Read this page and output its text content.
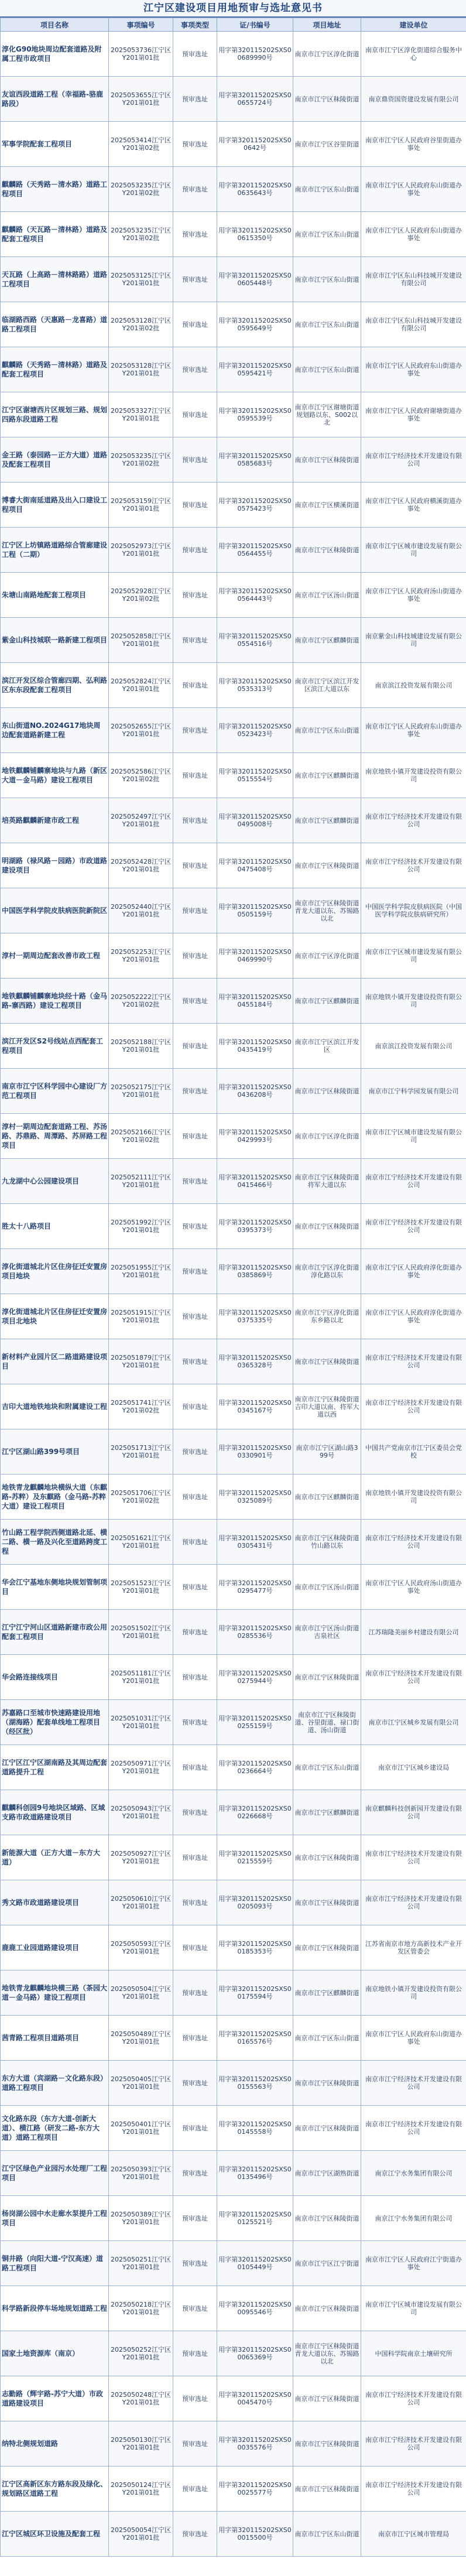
江宁区建设项目用地预审与选址意见书
项目名称	事项编号	事项类型	证/书编号	项目地址	建设单位
淳化G90地块周边配套道路及附属工程市政项目	2025053736江宁区Y201第01批	预审选址	用字第320115202SXS00689990号	南京市江宁区淳化街道	南京市江宁区淳化街道综合服务中心
友谊西段道路工程（幸福路-骆鹿路段）	2025053655江宁区Y201第01批	预审选址	用字第320115202SXS00655724号	南京市江宁区秣陵街道	南京鼎资国资建设发展有限公司
军事学院配套工程项目	2025053414江宁区Y201第02批	预审选址	用字第320115202SXS00642号	南京市江宁区谷里街道	南京市江宁区人民政府谷里街道办事处
麒麟路（天秀路－清水路）道路工程项目	2025053235江宁区Y201第02批	预审选址	用字第320115202SXS00635643号	南京市江宁区东山街道	南京市江宁区人民政府东山街道办事处
麒麟路（天瓦路－清林路）道路及配套工程项目	2025053235江宁区Y201第02批	预审选址	用字第320115202SXS00615350号	南京市江宁区东山街道	南京市江宁区人民政府东山街道办事处
天瓦路（上高路－清林路路）道路工程项目	2025053125江宁区Y201第01批	预审选址	用字第320115202SXS00605448号	南京市江宁区东山街道	南京市江宁区东山科技城开发建设有限公司
临湖路西路（天惠路－龙喜路）道路工程项目	2025053128江宁区Y201第02批	预审选址	用字第320115202SXS00595649号	南京市江宁区东山街道	南京市江宁区东山科技城开发建设有限公司
麒麟路（天秀路－清林路）道路及配套工程项目	2025053128江宁区Y201第01批	预审选址	用字第320115202SXS00595421号	南京市江宁区东山街道	南京市江宁区人民政府东山街道办事处
江宁区谢塘西片区规划三路、规划四路东段道路工程	2025053327江宁区Y201第01批	预审选址	用字第320115202SXS00595539号	南京市江宁区谢塘街道规划路以东、S002以北	南京市江宁区人民政府谢塘街道办事处
金王路（泰园路－正方大道）道路及配套工程项目	2025053235江宁区Y201第02批	预审选址	用字第320115202SXS00585683号	南京市江宁区秣陵街道	南京市江宁经济技术开发建设有限公司
博睿大街南延道路及出入口建设工程项目	2025053159江宁区Y201第01批	预审选址	用字第320115202SXS00575423号	南京市江宁区横溪街道	南京市江宁区人民政府横溪街道办事处
江宁区上坊镇路道路综合管廊建设工程（二期）	2025052973江宁区Y201第01批	预审选址	用字第320115202SXS00564455号	南京市江宁区秣陵街道	南京市江宁区城市建设发展有限公司
朱塘山南路地配套工程项目	2025052928江宁区Y201第02批	预审选址	用字第320115202SXS00564443号	南京市江宁区汤山街道	南京市江宁区人民政府汤山街道办事处
紫金山科技城联一路新建工程项目	2025052858江宁区Y201第01批	预审选址	用字第320115202SXS00554516号	南京市江宁区麒麟街道	南京紫金山科技城建设发展有限公司
滨江开发区综合管廊四期、弘利路区东东段配套工程项目	2025052824江宁区Y201第01批	预审选址	用字第320115202SXS00535313号	南京市江宁区滨江开发区滨江大道以东	南京滨江投资发展有限公司
东山街道NO.2024G17地块周边配套道路新建工程	2025052655江宁区Y201第01批	预审选址	用字第320115202SXS00523423号	南京市江宁区东山街道	南京市江宁区人民政府东山街道办事处
地铁麒麟铺麟寨地块与九路（新区大道－金马路）建设工程项目	2025052586江宁区Y201第02批	预审选址	用字第320115202SXS00515554号	南京市江宁区麒麟街道	南京地铁小镇开发建设投资有限公司
培英路麒麟新建市政工程	2025052497江宁区Y201第01批	预审选址	用字第320115202SXS00495008号	南京市江宁区麒麟街道	南京市江宁经济技术开发建设有限公司
明湖路（禄风路－园路）市政道路建设项目	2025052428江宁区Y201第01批	预审选址	用字第320115202SXS00475408号	南京市江宁区秣陵街道	南京市江宁经济技术开发建设有限公司
中国医学科学院皮肤病医院新院区	2025052440江宁区Y201第01批	预审选址	用字第320115202SXS00505159号	南京市江宁区秣陵街道青龙大道以东、苏锡路以北	中国医学科学院皮肤病医院（中国医学科学院皮肤病研究所）
淳村一期周边配套改善市政工程	2025052253江宁区Y201第01批	预审选址	用字第320115202SXS00469990号	南京市江宁区淳化街道	南京市江宁区城市建设发展有限公司
地铁麒麟铺麟寨地块经十路（金马路-寨西路）建设工程项目	2025052222江宁区Y201第02批	预审选址	用字第320115202SXS00455184号	南京市江宁区麒麟街道	南京地铁小镇开发建设投资有限公司
滨江开发区S2号线站点西配套工程项目	2025052188江宁区Y201第01批	预审选址	用字第320115202SXS00435419号	南京市江宁区滨江开发区	南京滨江投资发展有限公司
南京市江宁区科学园中心建设厂方范工程项目	2025052175江宁区Y201第01批	预审选址	用字第320115202SXS00436208号	南京市江宁区秣陵街道	南京市江宁科学园发展有限公司
淳村一期周边配套道路工程、苏汤路、苏鼎路、周潭路、苏屏路工程项目	2025052166江宁区Y201第02批	预审选址	用字第320115202SXS00429993号	南京市江宁区淳化街道	南京市江宁区城市建设发展有限公司
九龙湖中心公园建设项目	2025052111江宁区Y201第01批	预审选址	用字第320115202SXS00415466号	南京市江宁区秣陵街道将军大道以东	南京市江宁经济技术开发建设有限公司
胜太十八路项目	2025051992江宁区Y201第01批	预审选址	用字第320115202SXS00395373号	南京市江宁区秣陵街道	南京市江宁经济技术开发建设有限公司
淳化街道城北片区住房征迁安置房项目地块	2025051955江宁区Y201第01批	预审选址	用字第320115202SXS00385869号	南京市江宁区淳化街道淳化路以东	南京市江宁区人民政府淳化街道办事处
淳化街道城北片区住房征迁安置房项目北地块	2025051915江宁区Y201第01批	预审选址	用字第320115202SXS00375335号	南京市江宁区淳化街道东乡路以北	南京市江宁区人民政府淳化街道办事处
新材料产业园片区二路道路建设项目	2025051879江宁区Y201第01批	预审选址	用字第320115202SXS00365328号	南京市江宁区秣陵街道	南京市江宁经济技术开发建设有限公司
吉印大道地铁地块和附属建设工程	2025051741江宁区Y201第02批	预审选址	用字第320115202SXS00345167号	南京市江宁区秣陵街道吉印大道以南、将军大道以西	南京市江宁经济技术开发建设有限公司
江宁区湖山路399号项目	2025051713江宁区Y201第01批	预审选址	用字第320115202SXS00330901号	南京市江宁区湖山路399号	中国共产党南京市江宁区委员会党校
地铁青龙麒麟地块横纵大道（东麒路-苏粹）及东麒路（金马路-苏粹大道）建设工程项目	2025051706江宁区Y201第02批	预审选址	用字第320115202SXS00325089号	南京市江宁区麒麟街道	南京地铁小镇开发建设投资有限公司
竹山路工程学院西侧道路北延、横二路、横一路及兴化至道路跨度工程	2025051621江宁区Y201第01批	预审选址	用字第320115202SXS00305431号	南京市江宁区秣陵街道竹山路以东	南京市江宁经济技术开发建设有限公司
华会江宁基地东侧地块规划管制项目	2025051523江宁区Y201第01批	预审选址	用字第320115202SXS00295477号	南京市江宁区汤山街道	南京市江宁区人民政府汤山街道办事处
江宁江宁河山区道路新建市政公用配套工程项目	2025051502江宁区Y201第01批	预审选址	用字第320115202SXS00285536号	南京市江宁区汤山街道古泉社区	江苏瑞隆美丽乡村建设有限公司
华会路连接线项目	2025051181江宁区Y201第01批	预审选址	用字第320115202SXS00275944号	南京市江宁区秣陵街道	南京市江宁经济技术开发建设有限公司
苏嘉路口至城市快速路建设用地（湖海路）配套单线地工程项目（经区批）	2025051031江宁区Y201第01批	预审选址	用字第320115202SXS00255159号	南京市江宁区秣陵街道、谷里街道、禄口街道、汤山街道	南京市江宁区城乡发展有限公司
江宁区江宁区湖南路及其周边配套道路提升工程	2025050971江宁区Y201第01批	预审选址	用字第320115202SXS00236664号	南京市江宁区东山街道	南京市江宁区城乡建设局
麒麟科创园9号地块区域路、区域支路市政道路建设项目	2025050943江宁区Y201第01批	预审选址	用字第320115202SXS00226668号	南京市江宁区麒麟街道	南京麒麟科技创新园开发建设有限公司
新能源大道（正方大道－东方大道）	2025050927江宁区Y201第01批	预审选址	用字第320115202SXS00215559号	南京市江宁区秣陵街道	南京市江宁经济技术开发建设有限公司
秀文路市政道路建设项目	2025050610江宁区Y201第01批	预审选址	用字第320115202SXS00205093号	南京市江宁区秣陵街道	南京市江宁经济技术开发建设有限公司
鹿鹿工业园道路建设项目	2025050593江宁区Y201第01批	预审选址	用字第320115202SXS00185353号	南京市江宁区秣陵街道	江苏省南京市地方高新技术产业开发区管委会
地铁青龙麒麟地块横三路（茶园大道－金马路）建设工程项目	2025050504江宁区Y201第01批	预审选址	用字第320115202SXS00175594号	南京市江宁区麒麟街道	南京地铁小镇开发建设投资有限公司
茜青路工程项目道路项目	2025050489江宁区Y201第01批	预审选址	用字第320115202SXS00165576号	南京市江宁区东山街道	南京市江宁区人民政府东山街道办事处
东方大道（宾湖路－文化路东段）道路工程项目	2025050405江宁区Y201第01批	预审选址	用字第320115202SXS00155563号	南京市江宁区秣陵街道	南京市江宁经济技术开发建设有限公司
文化路东段（东方大道-创新大道）、横江路（研发二路-东方大道）道路工程项目	2025050401江宁区Y201第01批	预审选址	用字第320115202SXS00145558号	南京市江宁区秣陵街道	南京市江宁经济技术开发建设有限公司
江宁区绿色产业园污水处理厂工程项目	2025050393江宁区Y201第01批	预审选址	用字第320115202SXS00135496号	南京市江宁区湖熟街道	南京江宁水务集团有限公司
杨岗湖公园中水走廊水泵提升工程项目	2025050389江宁区Y201第01批	预审选址	用字第320115202SXS00125521号	南京市江宁区秣陵街道	南京江宁水务集团有限公司
铜井路（向阳大道-宁汉高速）道路工程项目	2025050251江宁区Y201第01批	预审选址	用字第320115202SXS00105449号	南京市江宁区江宁街道	南京市江宁区人民政府江宁街道办事处
科学路新段停车场地规划道路工程	2025050218江宁区Y201第01批	预审选址	用字第320115202SXS00095546号	南京市江宁区秣陵街道	南京市江宁区城市建设发展有限公司
国家土地资源库（南京）	2025050252江宁区Y201第01批	预审选址	用字第320115202SXS00065369号	南京市江宁区秣陵街道青龙大道以东、苏锡路以北	中国科学院南京土壤研究所
志勤路（辉宇路-苏宁大道）市政道路建设项目	2025050248江宁区Y201第01批	预审选址	用字第320115202SXS00045470号	南京市江宁区秣陵街道	南京市江宁经济技术开发建设有限公司
纳特北侧规划道路	2025050130江宁区Y201第01批	预审选址	用字第320115202SXS00035576号	南京市江宁区秣陵街道	南京市江宁经济技术开发建设有限公司
江宁区高新区东方路东段及绿化、规划路区道路工程	2025050124江宁区Y201第01批	预审选址	用字第320115202SXS00025577号	南京市江宁区秣陵街道	南京市江宁经济技术开发建设有限公司
江宁区城区环卫设施及配套工程	2025050054江宁区Y201第01批	预审选址	用字第320115202SXS00015500号	南京市江宁区东山街道	南京市江宁区城市管理局
